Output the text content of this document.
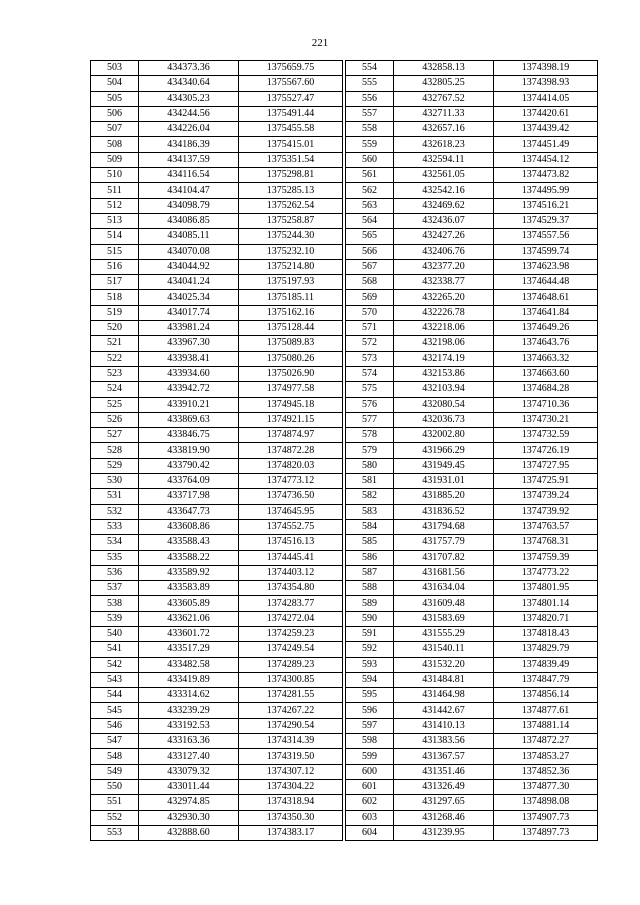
221
503	434373.36	1375659.75
504	434340.64	1375567.60
505	434305.23	1375527.47
506	434244.56	1375491.44
507	434226.04	1375455.58
508	434186.39	1375415.01
509	434137.59	1375351.54
510	434116.54	1375298.81
511	434104.47	1375285.13
512	434098.79	1375262.54
513	434086.85	1375258.87
514	434085.11	1375244.30
515	434070.08	1375232.10
516	434044.92	1375214.80
517	434041.24	1375197.93
518	434025.34	1375185.11
519	434017.74	1375162.16
520	433981.24	1375128.44
521	433967.30	1375089.83
522	433938.41	1375080.26
523	433934.60	1375026.90
524	433942.72	1374977.58
525	433910.21	1374945.18
526	433869.63	1374921.15
527	433846.75	1374874.97
528	433819.90	1374872.28
529	433790.42	1374820.03
530	433764.09	1374773.12
531	433717.98	1374736.50
532	433647.73	1374645.95
533	433608.86	1374552.75
534	433588.43	1374516.13
535	433588.22	1374445.41
536	433589.92	1374403.12
537	433583.89	1374354.80
538	433605.89	1374283.77
539	433621.06	1374272.04
540	433601.72	1374259.23
541	433517.29	1374249.54
542	433482.58	1374289.23
543	433419.89	1374300.85
544	433314.62	1374281.55
545	433239.29	1374267.22
546	433192.53	1374290.54
547	433163.36	1374314.39
548	433127.40	1374319.50
549	433079.32	1374307.12
550	433011.44	1374304.22
551	432974.85	1374318.94
552	432930.30	1374350.30
553	432888.60	1374383.17
554	432858.13	1374398.19
555	432805.25	1374398.93
556	432767.52	1374414.05
557	432711.33	1374420.61
558	432657.16	1374439.42
559	432618.23	1374451.49
560	432594.11	1374454.12
561	432561.05	1374473.82
562	432542.16	1374495.99
563	432469.62	1374516.21
564	432436.07	1374529.37
565	432427.26	1374557.56
566	432406.76	1374599.74
567	432377.20	1374623.98
568	432338.77	1374644.48
569	432265.20	1374648.61
570	432226.78	1374641.84
571	432218.06	1374649.26
572	432198.06	1374643.76
573	432174.19	1374663.32
574	432153.86	1374663.60
575	432103.94	1374684.28
576	432080.54	1374710.36
577	432036.73	1374730.21
578	432002.80	1374732.59
579	431966.29	1374726.19
580	431949.45	1374727.95
581	431931.01	1374725.91
582	431885.20	1374739.24
583	431836.52	1374739.92
584	431794.68	1374763.57
585	431757.79	1374768.31
586	431707.82	1374759.39
587	431681.56	1374773.22
588	431634.04	1374801.95
589	431609.48	1374801.14
590	431583.69	1374820.71
591	431555.29	1374818.43
592	431540.11	1374829.79
593	431532.20	1374839.49
594	431484.81	1374847.79
595	431464.98	1374856.14
596	431442.67	1374877.61
597	431410.13	1374881.14
598	431383.56	1374872.27
599	431367.57	1374853.27
600	431351.46	1374852.36
601	431326.49	1374877.30
602	431297.65	1374898.08
603	431268.46	1374907.73
604	431239.95	1374897.73
